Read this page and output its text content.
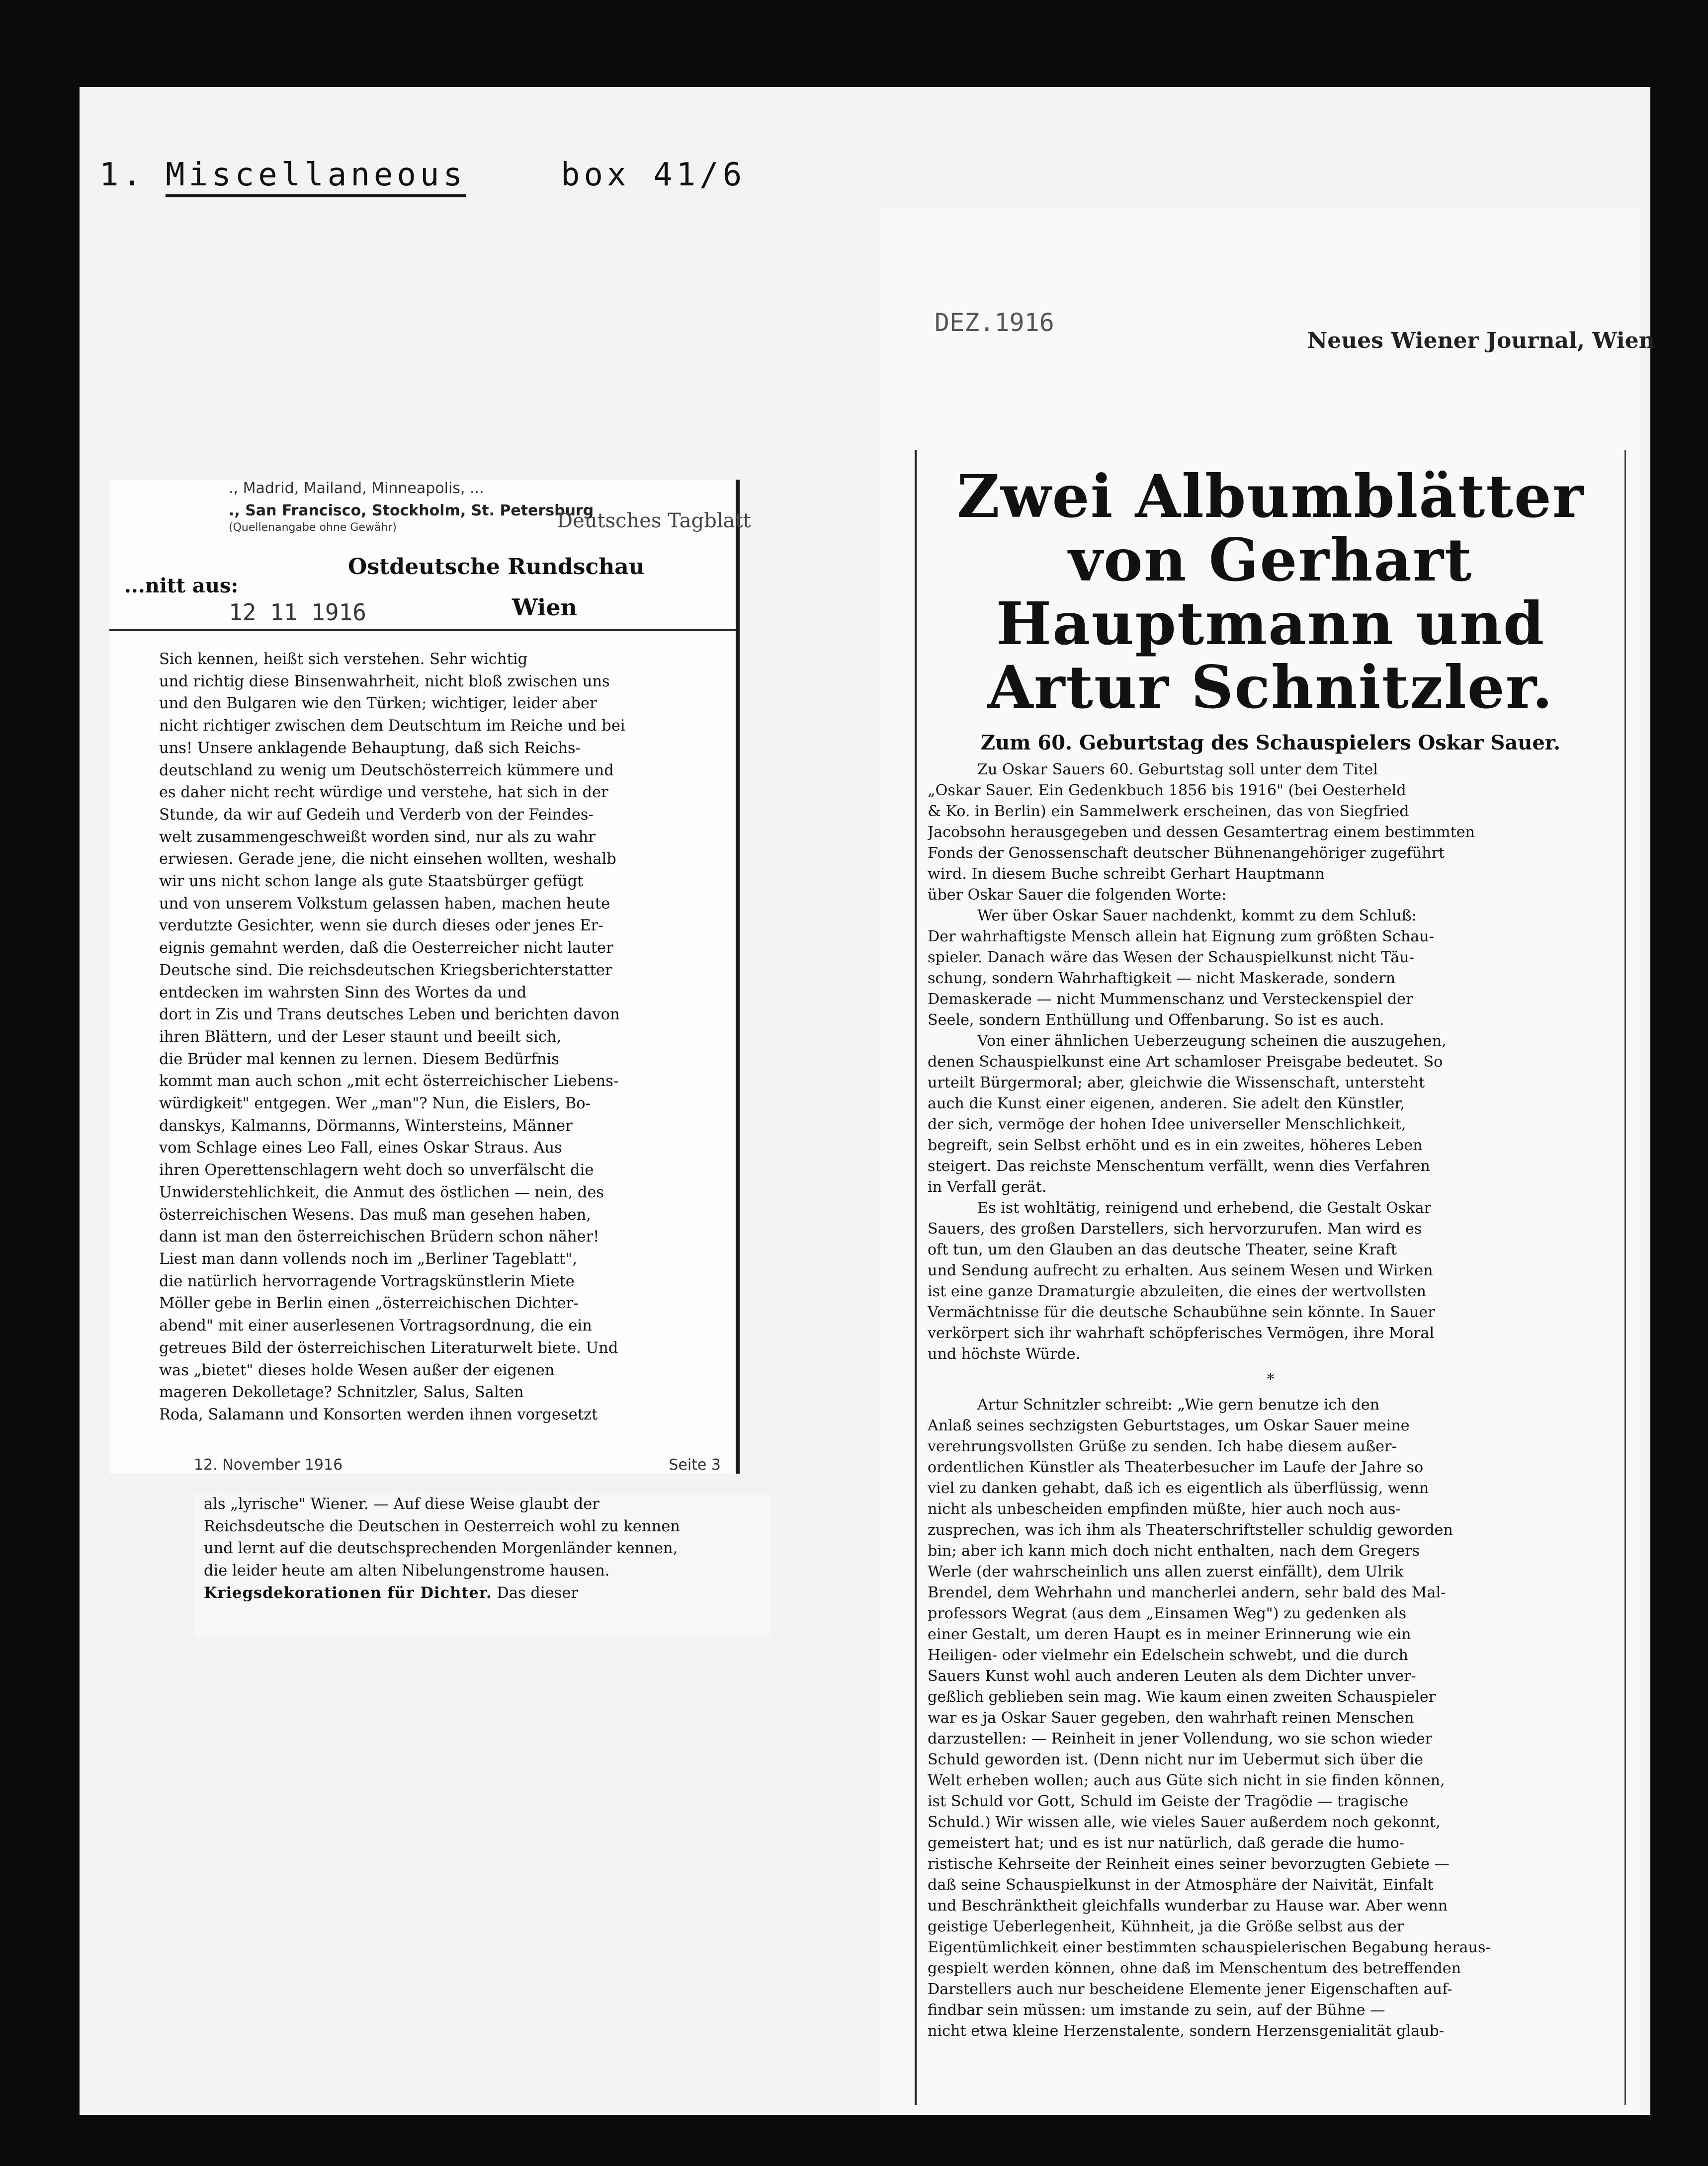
1. Miscellaneous	box 41/6
., Madrid, Mailand, Minneapolis, ...
., San Francisco, Stockholm, St. Petersburg
(Quellenangabe ohne Gewähr)	Deutsches Tagblatt
...nitt aus:
Ostdeutsche Rundschau
12 11 1916	Wien

Sich kennen, heißt sich verstehen. Sehr wichtig

und richtig diese Binsenwahrheit, nicht bloß zwischen uns

und den Bulgaren wie den Türken; wichtiger, leider aber

nicht richtiger zwischen dem Deutschtum im Reiche und bei

uns! Unsere anklagende Behauptung, daß sich Reichs-

deutschland zu wenig um Deutschösterreich kümmere und

es daher nicht recht würdige und verstehe, hat sich in der

Stunde, da wir auf Gedeih und Verderb von der Feindes-

welt zusammengeschweißt worden sind, nur als zu wahr

erwiesen. Gerade jene, die nicht einsehen wollten, weshalb

wir uns nicht schon lange als gute Staatsbürger gefügt

und von unserem Volkstum gelassen haben, machen heute

verdutzte Gesichter, wenn sie durch dieses oder jenes Er-

eignis gemahnt werden, daß die Oesterreicher nicht lauter

Deutsche sind. Die reichsdeutschen Kriegsberichterstatter

entdecken im wahrsten Sinn des Wortes da und

dort in Zis und Trans deutsches Leben und berichten davon

ihren Blättern, und der Leser staunt und beeilt sich,

die Brüder mal kennen zu lernen. Diesem Bedürfnis

kommt man auch schon „mit echt österreichischer Liebens-

würdigkeit" entgegen. Wer „man"? Nun, die Eislers, Bo-

danskys, Kalmanns, Dörmanns, Wintersteins, Männer

vom Schlage eines Leo Fall, eines Oskar Straus. Aus

ihren Operettenschlagern weht doch so unverfälscht die

Unwiderstehlichkeit, die Anmut des östlichen — nein, des

österreichischen Wesens. Das muß man gesehen haben,

dann ist man den österreichischen Brüdern schon näher!

Liest man dann vollends noch im „Berliner Tageblatt",

die natürlich hervorragende Vortragskünstlerin Miete

Möller gebe in Berlin einen „österreichischen Dichter-

abend" mit einer auserlesenen Vortragsordnung, die ein

getreues Bild der österreichischen Literaturwelt biete. Und

was „bietet" dieses holde Wesen außer der eigenen

mageren Dekolletage? Schnitzler, Salus, Salten

Roda, Salamann und Konsorten werden ihnen vorgesetzt

12. November 1916	Seite 3

als „lyrische" Wiener. — Auf diese Weise glaubt der

Reichsdeutsche die Deutschen in Oesterreich wohl zu kennen

und lernt auf die deutschsprechenden Morgenländer kennen,

die leider heute am alten Nibelungenstrome hausen.

Kriegsdekorationen für Dichter. Das dieser

DEZ.1916
Neues Wiener Journal, Wien
Zwei Albumblätter von Gerhart Hauptmann und Artur Schnitzler.
Zum 60. Geburtstag des Schauspielers Oskar Sauer.

Zu Oskar Sauers 60. Geburtstag soll unter dem Titel

„Oskar Sauer. Ein Gedenkbuch 1856 bis 1916" (bei Oesterheld

& Ko. in Berlin) ein Sammelwerk erscheinen, das von Siegfried

Jacobsohn herausgegeben und dessen Gesamtertrag einem bestimmten

Fonds der Genossenschaft deutscher Bühnenangehöriger zugeführt

wird. In diesem Buche schreibt Gerhart Hauptmann

über Oskar Sauer die folgenden Worte:

Wer über Oskar Sauer nachdenkt, kommt zu dem Schluß:

Der wahrhaftigste Mensch allein hat Eignung zum größten Schau-

spieler. Danach wäre das Wesen der Schauspielkunst nicht Täu-

schung, sondern Wahrhaftigkeit — nicht Maskerade, sondern

Demaskerade — nicht Mummenschanz und Versteckenspiel der

Seele, sondern Enthüllung und Offenbarung. So ist es auch.

Von einer ähnlichen Ueberzeugung scheinen die auszugehen,

denen Schauspielkunst eine Art schamloser Preisgabe bedeutet. So

urteilt Bürgermoral; aber, gleichwie die Wissenschaft, untersteht

auch die Kunst einer eigenen, anderen. Sie adelt den Künstler,

der sich, vermöge der hohen Idee universeller Menschlichkeit,

begreift, sein Selbst erhöht und es in ein zweites, höheres Leben

steigert. Das reichste Menschentum verfällt, wenn dies Verfahren

in Verfall gerät.

Es ist wohltätig, reinigend und erhebend, die Gestalt Oskar

Sauers, des großen Darstellers, sich hervorzurufen. Man wird es

oft tun, um den Glauben an das deutsche Theater, seine Kraft

und Sendung aufrecht zu erhalten. Aus seinem Wesen und Wirken

ist eine ganze Dramaturgie abzuleiten, die eines der wertvollsten

Vermächtnisse für die deutsche Schaubühne sein könnte. In Sauer

verkörpert sich ihr wahrhaft schöpferisches Vermögen, ihre Moral

und höchste Würde.

*

Artur Schnitzler schreibt: „Wie gern benutze ich den

Anlaß seines sechzigsten Geburtstages, um Oskar Sauer meine

verehrungsvollsten Grüße zu senden. Ich habe diesem außer-

ordentlichen Künstler als Theaterbesucher im Laufe der Jahre so

viel zu danken gehabt, daß ich es eigentlich als überflüssig, wenn

nicht als unbescheiden empfinden müßte, hier auch noch aus-

zusprechen, was ich ihm als Theaterschriftsteller schuldig geworden

bin; aber ich kann mich doch nicht enthalten, nach dem Gregers

Werle (der wahrscheinlich uns allen zuerst einfällt), dem Ulrik

Brendel, dem Wehrhahn und mancherlei andern, sehr bald des Mal-

professors Wegrat (aus dem „Einsamen Weg") zu gedenken als

einer Gestalt, um deren Haupt es in meiner Erinnerung wie ein

Heiligen- oder vielmehr ein Edelschein schwebt, und die durch

Sauers Kunst wohl auch anderen Leuten als dem Dichter unver-

geßlich geblieben sein mag. Wie kaum einen zweiten Schauspieler

war es ja Oskar Sauer gegeben, den wahrhaft reinen Menschen

darzustellen: — Reinheit in jener Vollendung, wo sie schon wieder

Schuld geworden ist. (Denn nicht nur im Uebermut sich über die

Welt erheben wollen; auch aus Güte sich nicht in sie finden können,

ist Schuld vor Gott, Schuld im Geiste der Tragödie — tragische

Schuld.) Wir wissen alle, wie vieles Sauer außerdem noch gekonnt,

gemeistert hat; und es ist nur natürlich, daß gerade die humo-

ristische Kehrseite der Reinheit eines seiner bevorzugten Gebiete —

daß seine Schauspielkunst in der Atmosphäre der Naivität, Einfalt

und Beschränktheit gleichfalls wunderbar zu Hause war. Aber wenn

geistige Ueberlegenheit, Kühnheit, ja die Größe selbst aus der

Eigentümlichkeit einer bestimmten schauspielerischen Begabung heraus-

gespielt werden können, ohne daß im Menschentum des betreffenden

Darstellers auch nur bescheidene Elemente jener Eigenschaften auf-

findbar sein müssen: um imstande zu sein, auf der Bühne —

nicht etwa kleine Herzenstalente, sondern Herzensgenialität glaub-
